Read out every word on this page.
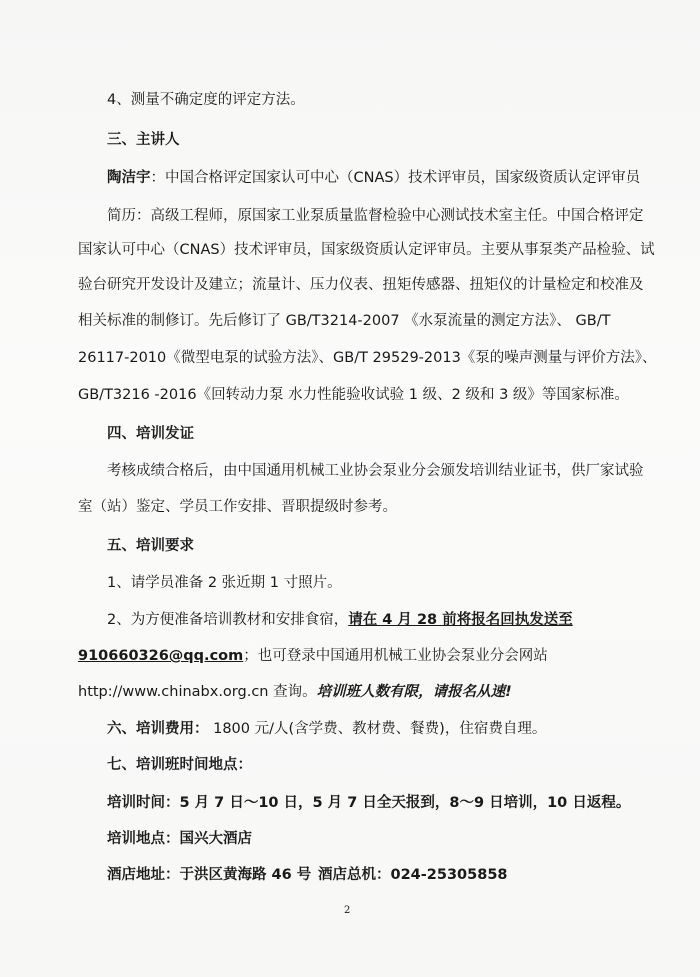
4、测量不确定度的评定方法。
三、主讲人
陶洁宇：中国合格评定国家认可中心（CNAS）技术评审员，国家级资质认定评审员
简历：高级工程师，原国家工业泵质量监督检验中心测试技术室主任。中国合格评定
国家认可中心（CNAS）技术评审员，国家级资质认定评审员。主要从事泵类产品检验、试
验台研究开发设计及建立；流量计、压力仪表、扭矩传感器、扭矩仪的计量检定和校准及
相关标准的制修订。先后修订了 GB/T3214-2007 《水泵流量的测定方法》、 GB/T
26117-2010《微型电泵的试验方法》、GB/T 29529-2013《泵的噪声测量与评价方法》、
GB/T3216 -2016《回转动力泵 水力性能验收试验 1 级、2 级和 3 级》等国家标准。
四、培训发证
考核成绩合格后，由中国通用机械工业协会泵业分会颁发培训结业证书，供厂家试验
室（站）鉴定、学员工作安排、晋职提级时参考。
五、培训要求
1、请学员准备 2 张近期 1 寸照片。
2、为方便准备培训教材和安排食宿，请在 4 月 28 前将报名回执发送至
910660326@qq.com；也可登录中国通用机械工业协会泵业分会网站
http://www.chinabx.org.cn 查询。培训班人数有限，请报名从速!
六、培训费用： 1800 元/人(含学费、教材费、餐费)，住宿费自理。
七、培训班时间地点：
培训时间：5 月 7 日～10 日，5 月 7 日全天报到，8～9 日培训，10 日返程。
培训地点：国兴大酒店
酒店地址：于洪区黄海路 46 号 酒店总机：024-25305858
2
